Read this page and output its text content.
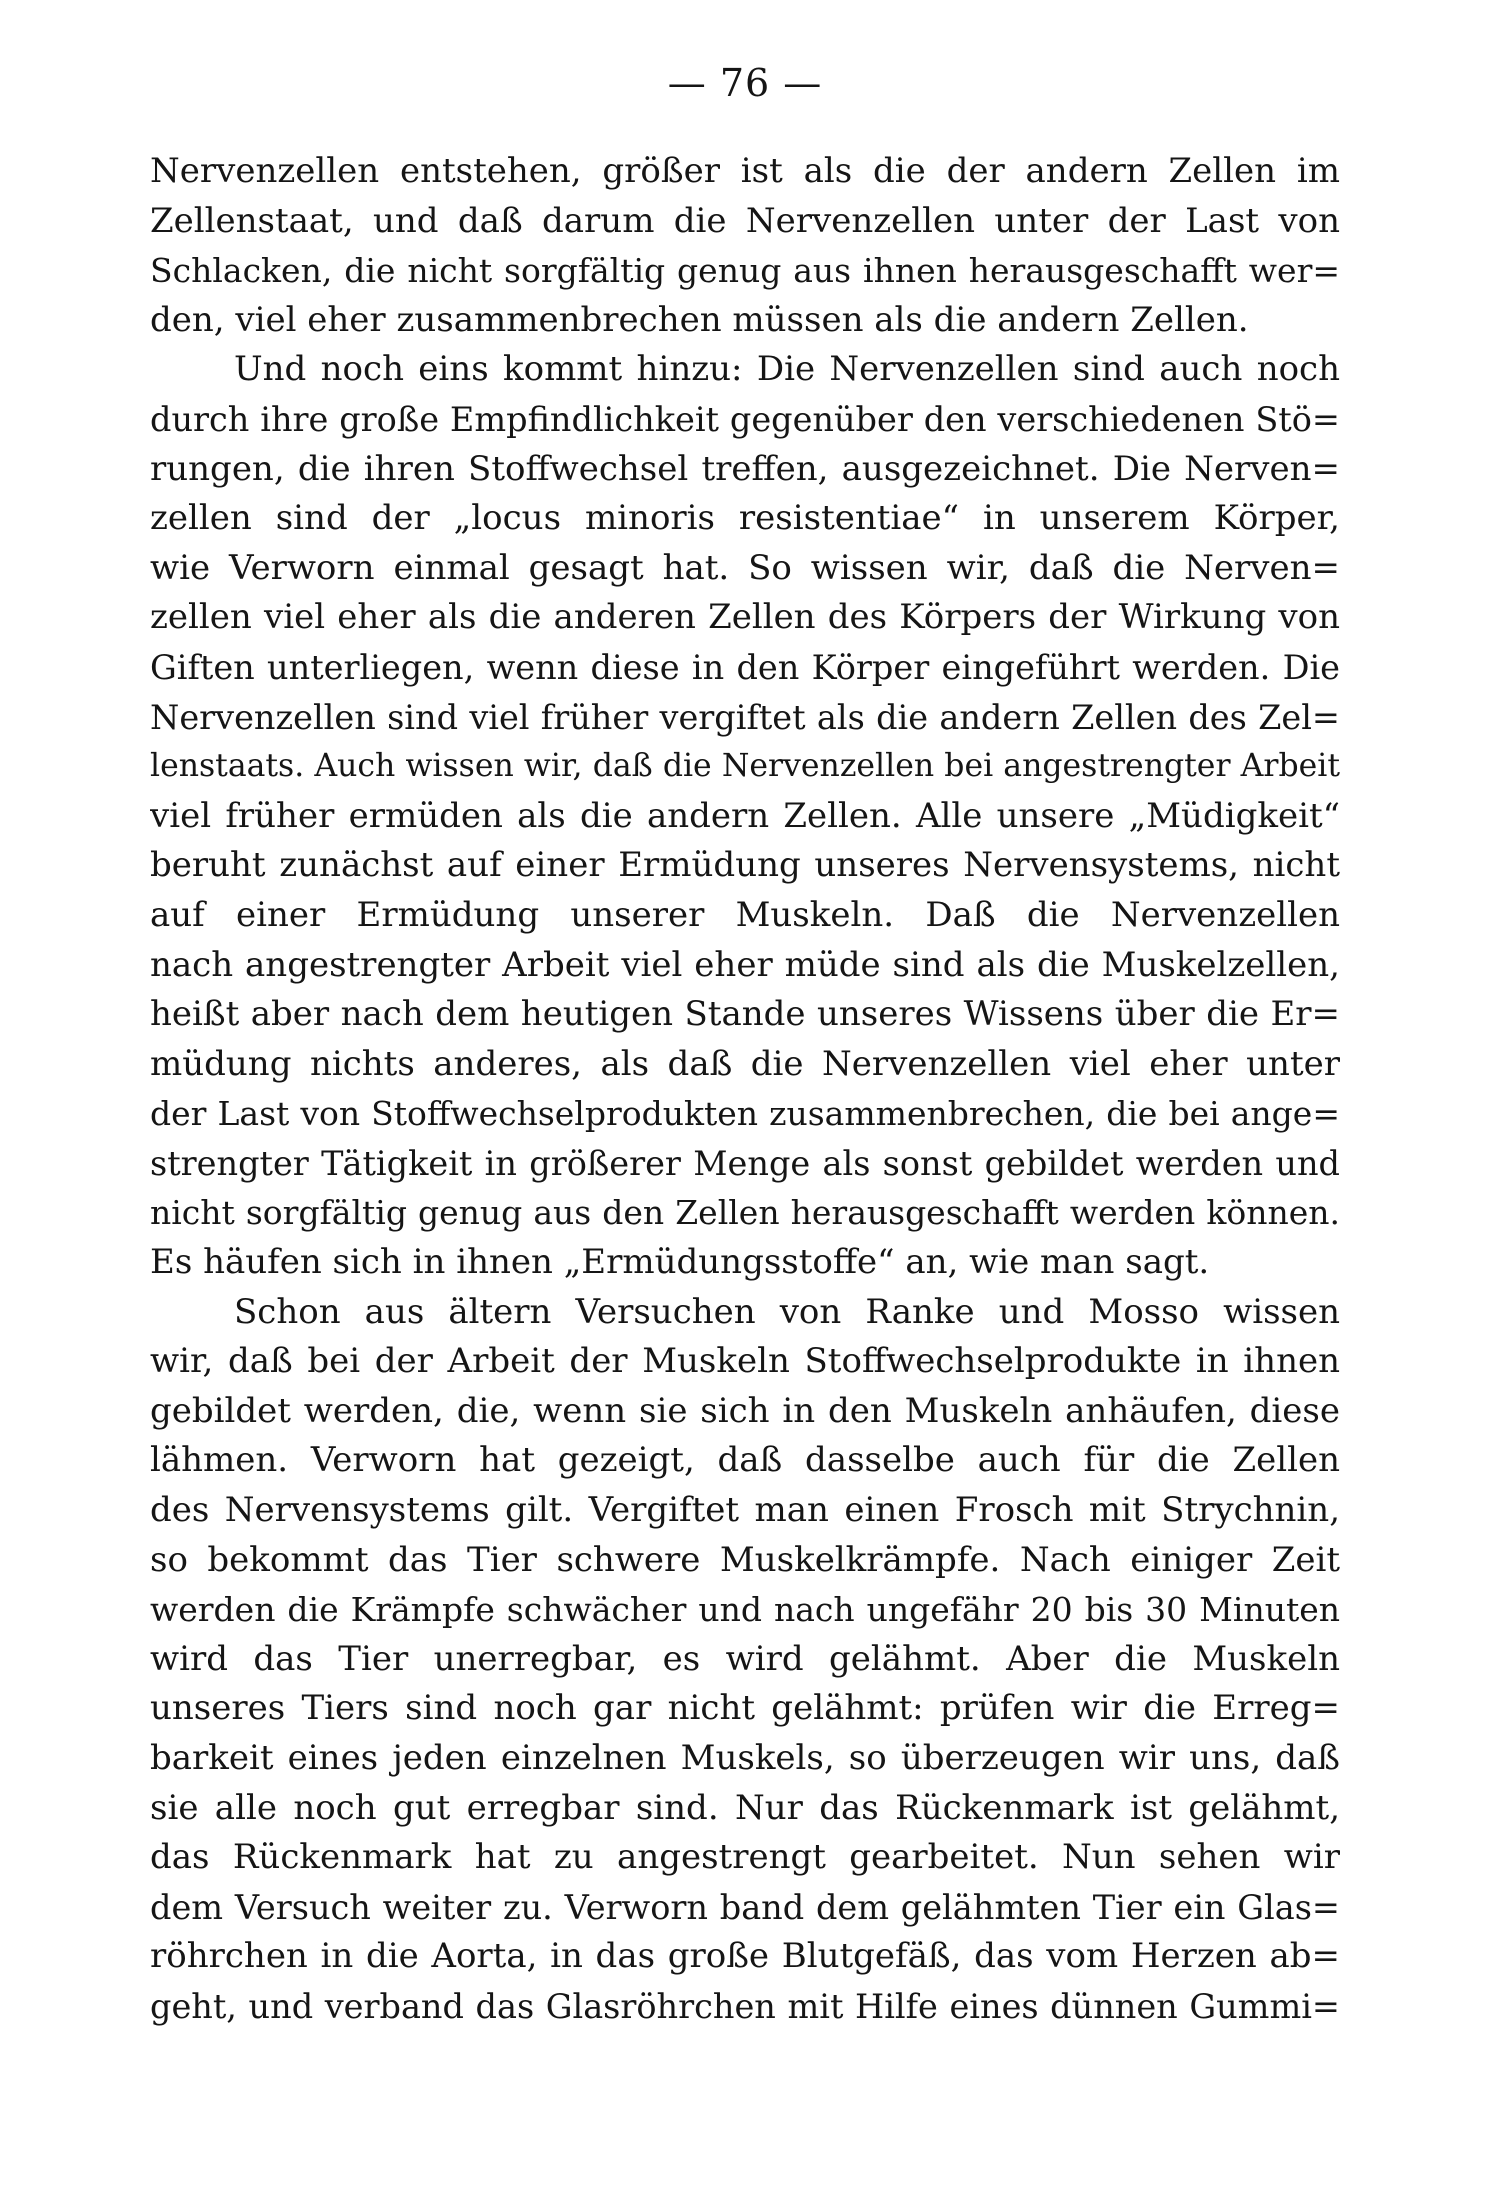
— 76 —
Nervenzellen entstehen, größer ist als die der andern Zellen im
Zellenstaat, und daß darum die Nervenzellen unter der Last von
Schlacken, die nicht sorgfältig genug aus ihnen herausgeschafft wer=
den, viel eher zusammenbrechen müssen als die andern Zellen.
Und noch eins kommt hinzu: Die Nervenzellen sind auch noch
durch ihre große Empfindlichkeit gegenüber den verschiedenen Stö=
rungen, die ihren Stoffwechsel treffen, ausgezeichnet. Die Nerven=
zellen sind der „locus minoris resistentiae“ in unserem Körper,
wie Verworn einmal gesagt hat. So wissen wir, daß die Nerven=
zellen viel eher als die anderen Zellen des Körpers der Wirkung von
Giften unterliegen, wenn diese in den Körper eingeführt werden. Die
Nervenzellen sind viel früher vergiftet als die andern Zellen des Zel=
lenstaats. Auch wissen wir, daß die Nervenzellen bei angestrengter Arbeit
viel früher ermüden als die andern Zellen. Alle unsere „Müdigkeit“
beruht zunächst auf einer Ermüdung unseres Nervensystems, nicht
auf einer Ermüdung unserer Muskeln. Daß die Nervenzellen
nach angestrengter Arbeit viel eher müde sind als die Muskelzellen,
heißt aber nach dem heutigen Stande unseres Wissens über die Er=
müdung nichts anderes, als daß die Nervenzellen viel eher unter
der Last von Stoffwechselprodukten zusammenbrechen, die bei ange=
strengter Tätigkeit in größerer Menge als sonst gebildet werden und
nicht sorgfältig genug aus den Zellen herausgeschafft werden können.
Es häufen sich in ihnen „Ermüdungsstoffe“ an, wie man sagt.
Schon aus ältern Versuchen von Ranke und Mosso wissen
wir, daß bei der Arbeit der Muskeln Stoffwechselprodukte in ihnen
gebildet werden, die, wenn sie sich in den Muskeln anhäufen, diese
lähmen. Verworn hat gezeigt, daß dasselbe auch für die Zellen
des Nervensystems gilt. Vergiftet man einen Frosch mit Strychnin,
so bekommt das Tier schwere Muskelkrämpfe. Nach einiger Zeit
werden die Krämpfe schwächer und nach ungefähr 20 bis 30 Minuten
wird das Tier unerregbar, es wird gelähmt. Aber die Muskeln
unseres Tiers sind noch gar nicht gelähmt: prüfen wir die Erreg=
barkeit eines jeden einzelnen Muskels, so überzeugen wir uns, daß
sie alle noch gut erregbar sind. Nur das Rückenmark ist gelähmt,
das Rückenmark hat zu angestrengt gearbeitet. Nun sehen wir
dem Versuch weiter zu. Verworn band dem gelähmten Tier ein Glas=
röhrchen in die Aorta, in das große Blutgefäß, das vom Herzen ab=
geht, und verband das Glasröhrchen mit Hilfe eines dünnen Gummi=
